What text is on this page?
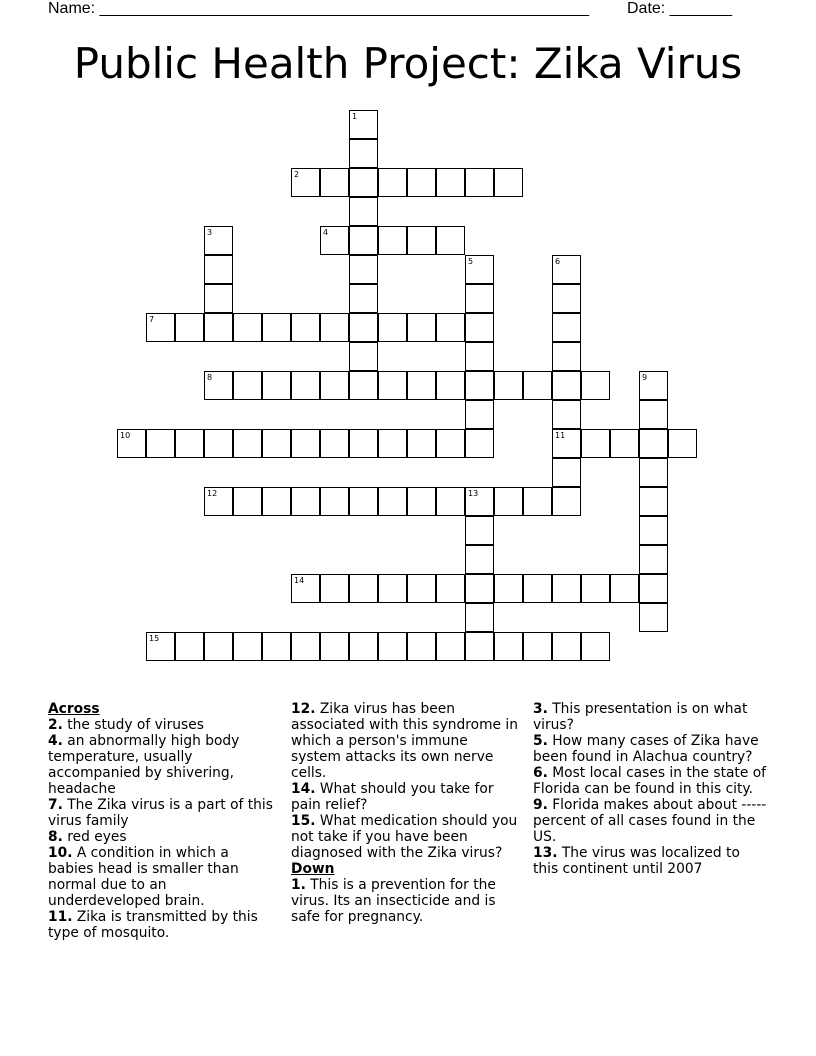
Name: _______________________________________________________ Date: _______
Public Health Project: Zika Virus
1
2
3	4
5	6
11
7
8	9
10
12	13
14
15

Across

2. the study of viruses

4. an abnormally high body temperature, usually accompanied by shivering, headache

7. The Zika virus is a part of this virus family

8. red eyes

10. A condition in which a babies head is smaller than normal due to an underdeveloped brain.

11. Zika is transmitted by this type of mosquito.

12. Zika virus has been associated with this syndrome in which a person's immune system attacks its own nerve cells.

14. What should you take for pain relief?

15. What medication should you not take if you have been diagnosed with the Zika virus?

Down

1. This is a prevention for the virus. Its an insecticide and is safe for pregnancy.

3. This presentation is on what virus?

5. How many cases of Zika have been found in Alachua country?

6. Most local cases in the state of Florida can be found in this city.

9. Florida makes about about ----- percent of all cases found in the US.

13. The virus was localized to this continent until 2007
